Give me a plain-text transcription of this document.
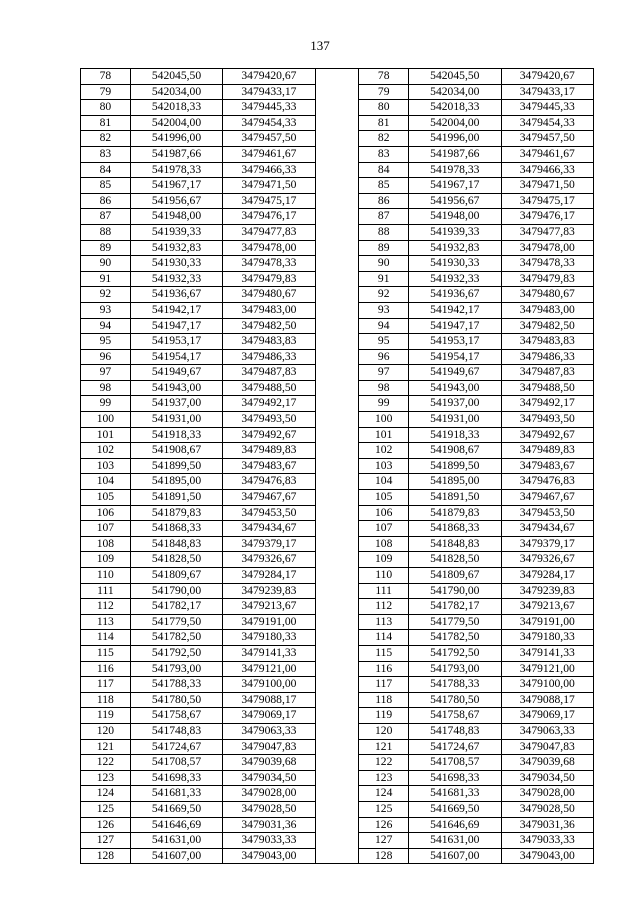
137
78	542045,50	3479420,67		78	542045,50	3479420,67
79	542034,00	3479433,17		79	542034,00	3479433,17
80	542018,33	3479445,33		80	542018,33	3479445,33
81	542004,00	3479454,33		81	542004,00	3479454,33
82	541996,00	3479457,50		82	541996,00	3479457,50
83	541987,66	3479461,67		83	541987,66	3479461,67
84	541978,33	3479466,33		84	541978,33	3479466,33
85	541967,17	3479471,50		85	541967,17	3479471,50
86	541956,67	3479475,17		86	541956,67	3479475,17
87	541948,00	3479476,17		87	541948,00	3479476,17
88	541939,33	3479477,83		88	541939,33	3479477,83
89	541932,83	3479478,00		89	541932,83	3479478,00
90	541930,33	3479478,33		90	541930,33	3479478,33
91	541932,33	3479479,83		91	541932,33	3479479,83
92	541936,67	3479480,67		92	541936,67	3479480,67
93	541942,17	3479483,00		93	541942,17	3479483,00
94	541947,17	3479482,50		94	541947,17	3479482,50
95	541953,17	3479483,83		95	541953,17	3479483,83
96	541954,17	3479486,33		96	541954,17	3479486,33
97	541949,67	3479487,83		97	541949,67	3479487,83
98	541943,00	3479488,50		98	541943,00	3479488,50
99	541937,00	3479492,17		99	541937,00	3479492,17
100	541931,00	3479493,50		100	541931,00	3479493,50
101	541918,33	3479492,67		101	541918,33	3479492,67
102	541908,67	3479489,83		102	541908,67	3479489,83
103	541899,50	3479483,67		103	541899,50	3479483,67
104	541895,00	3479476,83		104	541895,00	3479476,83
105	541891,50	3479467,67		105	541891,50	3479467,67
106	541879,83	3479453,50		106	541879,83	3479453,50
107	541868,33	3479434,67		107	541868,33	3479434,67
108	541848,83	3479379,17		108	541848,83	3479379,17
109	541828,50	3479326,67		109	541828,50	3479326,67
110	541809,67	3479284,17		110	541809,67	3479284,17
111	541790,00	3479239,83		111	541790,00	3479239,83
112	541782,17	3479213,67		112	541782,17	3479213,67
113	541779,50	3479191,00		113	541779,50	3479191,00
114	541782,50	3479180,33		114	541782,50	3479180,33
115	541792,50	3479141,33		115	541792,50	3479141,33
116	541793,00	3479121,00		116	541793,00	3479121,00
117	541788,33	3479100,00		117	541788,33	3479100,00
118	541780,50	3479088,17		118	541780,50	3479088,17
119	541758,67	3479069,17		119	541758,67	3479069,17
120	541748,83	3479063,33		120	541748,83	3479063,33
121	541724,67	3479047,83		121	541724,67	3479047,83
122	541708,57	3479039,68		122	541708,57	3479039,68
123	541698,33	3479034,50		123	541698,33	3479034,50
124	541681,33	3479028,00		124	541681,33	3479028,00
125	541669,50	3479028,50		125	541669,50	3479028,50
126	541646,69	3479031,36		126	541646,69	3479031,36
127	541631,00	3479033,33		127	541631,00	3479033,33
128	541607,00	3479043,00		128	541607,00	3479043,00
